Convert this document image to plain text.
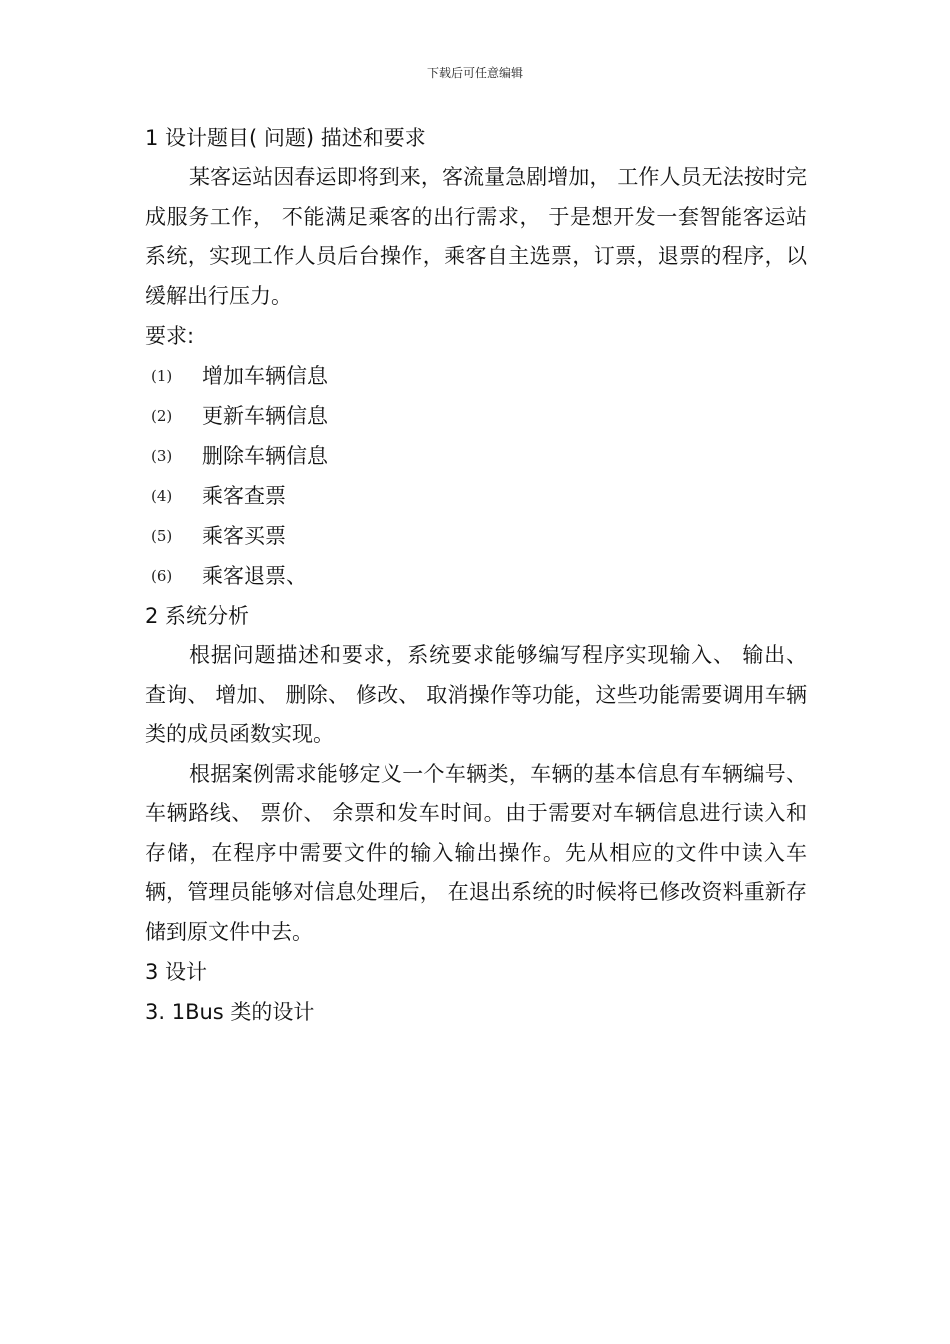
下载后可任意编辑
1 设计题目( 问题) 描述和要求

某客运站因春运即将到来，客流量急剧增加， 工作人员无法按时完成服务工作， 不能满足乘客的出行需求， 于是想开发一套智能客运站系统，实现工作人员后台操作，乘客自主选票，订票，退票的程序，以缓解出行压力。

要求:
(1)	增加车辆信息
(2)	更新车辆信息
(3)	删除车辆信息
(4)	乘客查票
(5)	乘客买票
(6)	乘客退票、
2 系统分析

根据问题描述和要求，系统要求能够编写程序实现输入、 输出、 查询、 增加、 删除、 修改、 取消操作等功能，这些功能需要调用车辆类的成员函数实现。

根据案例需求能够定义一个车辆类，车辆的基本信息有车辆编号、 车辆路线、 票价、 余票和发车时间。由于需要对车辆信息进行读入和存储，在程序中需要文件的输入输出操作。先从相应的文件中读入车辆，管理员能够对信息处理后， 在退出系统的时候将已修改资料重新存储到原文件中去。

3 设计
3. 1Bus 类的设计
